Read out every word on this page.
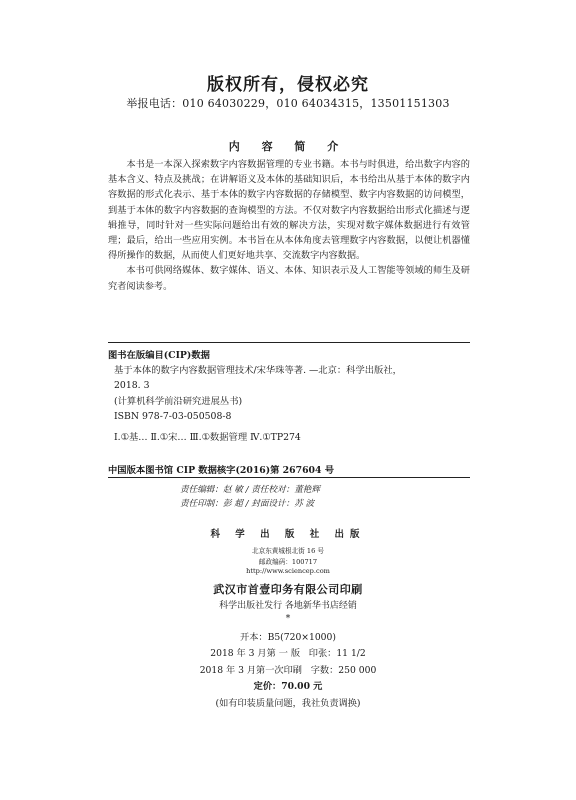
版权所有，侵权必究
举报电话：010 64030229，010 64034315，13501151303
内 容 简 介

本书是一本深入探索数字内容数据管理的专业书籍。本书与时俱进，给出数字内容的基本含义、特点及挑战；在讲解语义及本体的基础知识后，本书给出从基于本体的数字内容数据的形式化表示、基于本体的数字内容数据的存储模型、数字内容数据的访问模型，到基于本体的数字内容数据的查询模型的方法。不仅对数字内容数据给出形式化描述与逻辑推导，同时针对一些实际问题给出有效的解决方法，实现对数字媒体数据进行有效管理；最后，给出一些应用实例。本书旨在从本体角度去管理数字内容数据，以便让机器懂得所操作的数据，从而使人们更好地共享、交流数字内容数据。

本书可供网络媒体、数字媒体、语义、本体、知识表示及人工智能等领域的师生及研究者阅读参考。

图书在版编目(CIP)数据
基于本体的数字内容数据管理技术/宋华珠等著. —北京：科学出版社，
2018. 3
(计算机科学前沿研究进展丛书)
ISBN 978-7-03-050508-8
Ⅰ.①基… Ⅱ.①宋… Ⅲ.①数据管理 Ⅳ.①TP274
中国版本图书馆 CIP 数据核字(2016)第 267604 号
责任编辑：赵 敏 / 责任校对：董艳辉
责任印制：彭 超 / 封面设计：苏 波
科 学 出 版 社 出版
北京东黄城根北街 16 号
邮政编码：100717
http://www.sciencep.com
武汉市首壹印务有限公司印刷
科学出版社发行 各地新华书店经销
*
开本：B5(720×1000)
2018 年 3 月第 一 版   印张：11 1/2
2018 年 3 月第一次印刷   字数：250 000
定价：70.00 元
(如有印装质量问题，我社负责调换)
